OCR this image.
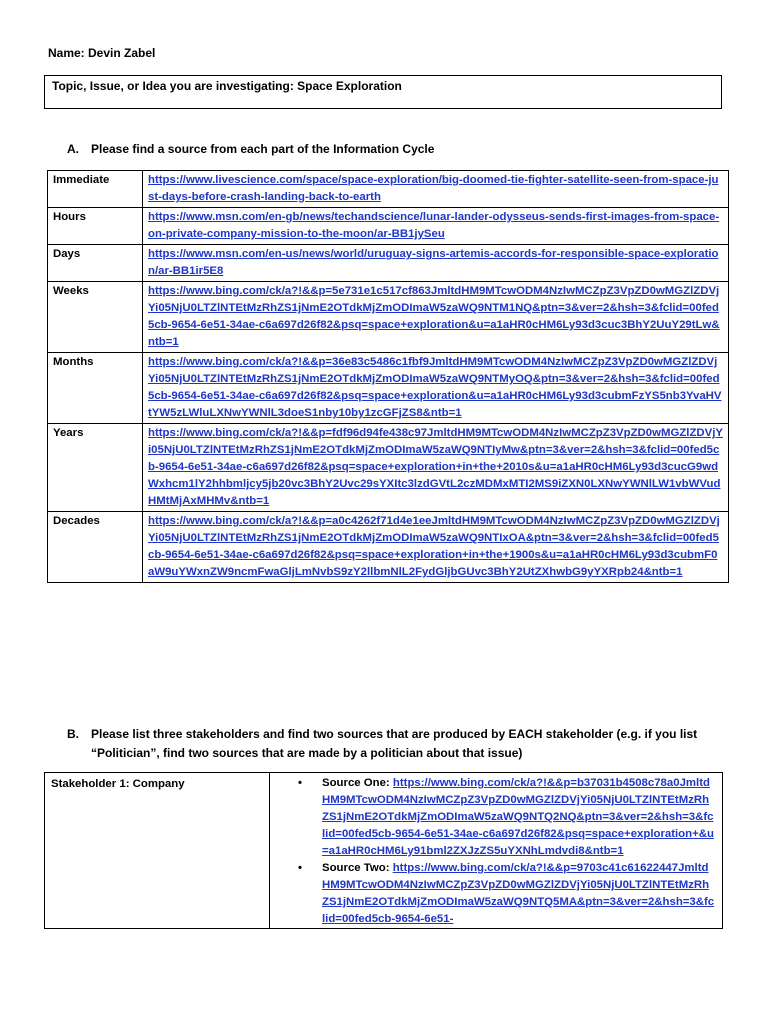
Name: Devin Zabel
Topic, Issue, or Idea you are investigating: Space Exploration
A. Please find a source from each part of the Information Cycle
Immediate	https://www.livescience.com/space/space-exploration/big-doomed-tie-fighter-satellite-seen-from-space-just-days-before-crash-landing-back-to-earth
Hours	https://www.msn.com/en-gb/news/techandscience/lunar-lander-odysseus-sends-first-images-from-space-on-private-company-mission-to-the-moon/ar-BB1jySeu
Days	https://www.msn.com/en-us/news/world/uruguay-signs-artemis-accords-for-responsible-space-exploration/ar-BB1ir5E8
Weeks	https://www.bing.com/ck/a?!&&p=5e731e1c517cf863JmltdHM9MTcwODM4NzIwMCZpZ3VpZD0wMGZlZDVjYi05NjU0LTZlNTEtMzRhZS1jNmE2OTdkMjZmODImaW5zaWQ9NTM1NQ&ptn=3&ver=2&hsh=3&fclid=00fed5cb-9654-6e51-34ae-c6a697d26f82&psq=space+exploration&u=a1aHR0cHM6Ly93d3cuc3BhY2UuY29tLw&ntb=1
Months	https://www.bing.com/ck/a?!&&p=36e83c5486c1fbf9JmltdHM9MTcwODM4NzIwMCZpZ3VpZD0wMGZlZDVjYi05NjU0LTZlNTEtMzRhZS1jNmE2OTdkMjZmODImaW5zaWQ9NTMyOQ&ptn=3&ver=2&hsh=3&fclid=00fed5cb-9654-6e51-34ae-c6a697d26f82&psq=space+exploration&u=a1aHR0cHM6Ly93d3cubmFzYS5nb3YvaHVtYW5zLWluLXNwYWNlL3doeS1nby10by1zcGFjZS8&ntb=1
Years	https://www.bing.com/ck/a?!&&p=fdf96d94fe438c97JmltdHM9MTcwODM4NzIwMCZpZ3VpZD0wMGZlZDVjYi05NjU0LTZlNTEtMzRhZS1jNmE2OTdkMjZmODImaW5zaWQ9NTIyMw&ptn=3&ver=2&hsh=3&fclid=00fed5cb-9654-6e51-34ae-c6a697d26f82&psq=space+exploration+in+the+2010s&u=a1aHR0cHM6Ly93d3cucG9wdWxhcm1lY2hhbmljcy5jb20vc3BhY2Uvc29sYXItc3lzdGVtL2czMDMxMTI2MS9iZXN0LXNwYWNlLW1vbWVudHMtMjAxMHMv&ntb=1
Decades	https://www.bing.com/ck/a?!&&p=a0c4262f71d4e1eeJmltdHM9MTcwODM4NzIwMCZpZ3VpZD0wMGZlZDVjYi05NjU0LTZlNTEtMzRhZS1jNmE2OTdkMjZmODImaW5zaWQ9NTIxOA&ptn=3&ver=2&hsh=3&fclid=00fed5cb-9654-6e51-34ae-c6a697d26f82&psq=space+exploration+in+the+1900s&u=a1aHR0cHM6Ly93d3cubmF0aW9uYWxnZW9ncmFwaGljLmNvbS9zY2llbmNlL2FydGljbGUvc3BhY2UtZXhwbG9yYXRpb24&ntb=1
B. Please list three stakeholders and find two sources that are produced by EACH stakeholder (e.g. if you list
“Politician”, find two sources that are made by a politician about that issue)
Stakeholder 1: Company	• Source One: https://www.bing.com/ck/a?!&&p=b37031b4508c78a0JmltdHM9MTcwODM4NzIwMCZpZ3VpZD0wMGZlZDVjYi05NjU0LTZlNTEtMzRhZS1jNmE2OTdkMjZmODImaW5zaWQ9NTQ2NQ&ptn=3&ver=2&hsh=3&fclid=00fed5cb-9654-6e51-34ae-c6a697d26f82&psq=space+exploration+&u=a1aHR0cHM6Ly91bml2ZXJzZS5uYXNhLmdvdi8&ntb=1
• Source Two: https://www.bing.com/ck/a?!&&p=9703c41c61622447JmltdHM9MTcwODM4NzIwMCZpZ3VpZD0wMGZlZDVjYi05NjU0LTZlNTEtMzRhZS1jNmE2OTdkMjZmODImaW5zaWQ9NTQ5MA&ptn=3&ver=2&hsh=3&fclid=00fed5cb-9654-6e51-
